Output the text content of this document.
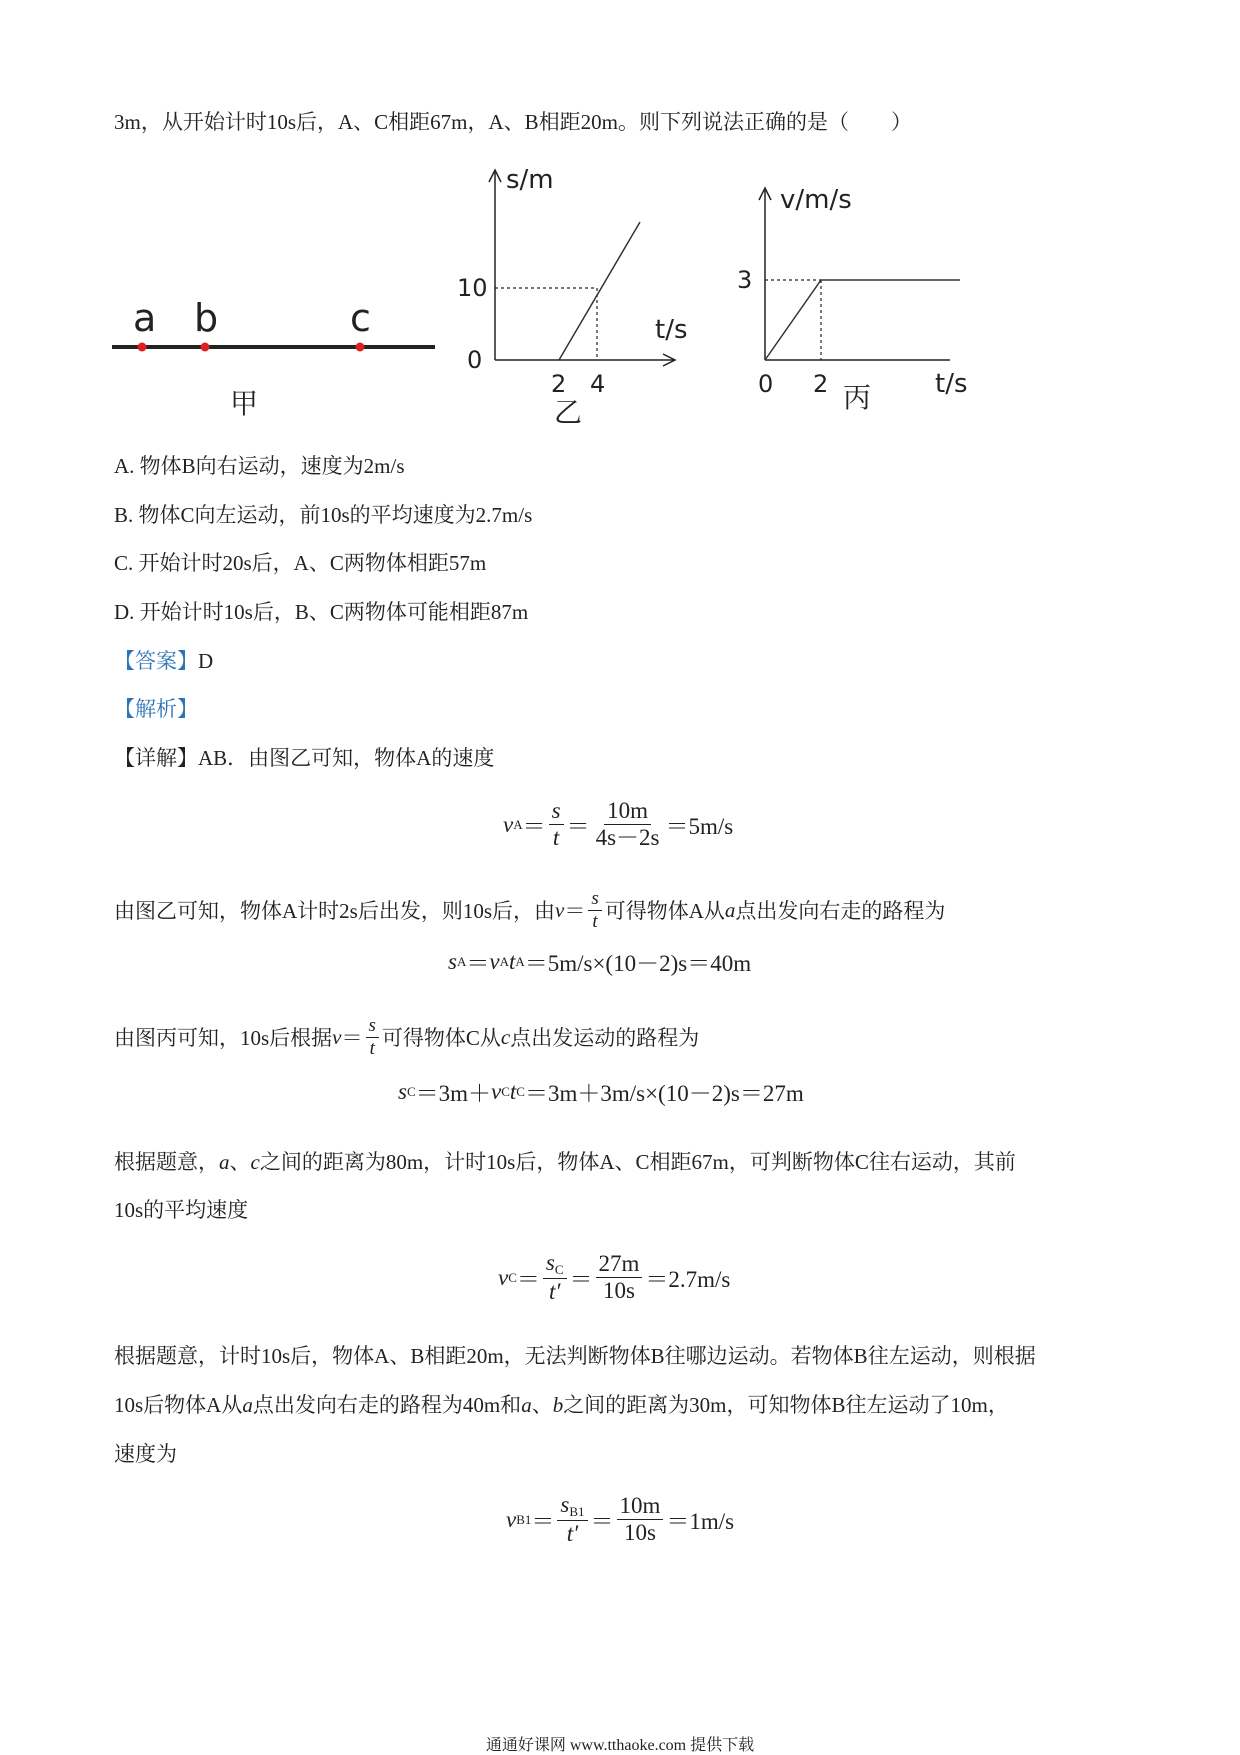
3m，从开始计时10s后，A、C相距67m，A、B相距20m。则下列说法正确的是（　　）
a b	c
甲
s/m
t/s
10
0
2 4
乙
v/m/s
t/s
3
0 2 丙
A. 物体B向右运动，速度为2m/s
B. 物体C向左运动，前10s的平均速度为2.7m/s
C. 开始计时20s后，A、C两物体相距57m
D. 开始计时10s后，B、C两物体可能相距87m
【答案】D
【解析】
【详解】AB．由图乙可知，物体A的速度
v $A = \frac{s}{t} = \frac{10m}{4s-2s} =5m/s$
由图乙可知，物体A计时2s后出发，则10s后，由 $v = \frac{s}{t}$ 可得物体A从 a 点出发向右走的路程为
s A ＝ v A t A ＝5m/s×(10－2)s＝40m
由图丙可知，10s后根据 $v = \frac{s}{t}$ 可得物体C从 c 点出发运动的路程为
s C ＝3m＋ v C t C ＝3m＋3m/s×(10－2)s＝27m
根据题意，a、c之间的距离为80m，计时10s后，物体A、C相距67m，可判断物体C往右运动，其前
10s的平均速度
v $C = \frac{s_C}{t'} = \frac{27m}{10s} =2.7m/s$
根据题意，计时10s后，物体A、B相距20m，无法判断物体B往哪边运动。若物体B往左运动，则根据
10s后物体A从a点出发向右走的路程为40m和a、b之间的距离为30m，可知物体B往左运动了10m，
速度为
v $B1 = \frac{s_{B1}}{t'} = \frac{10m}{10s} =1m/s$
通通好课网 www.tthaoke.com 提供下载
